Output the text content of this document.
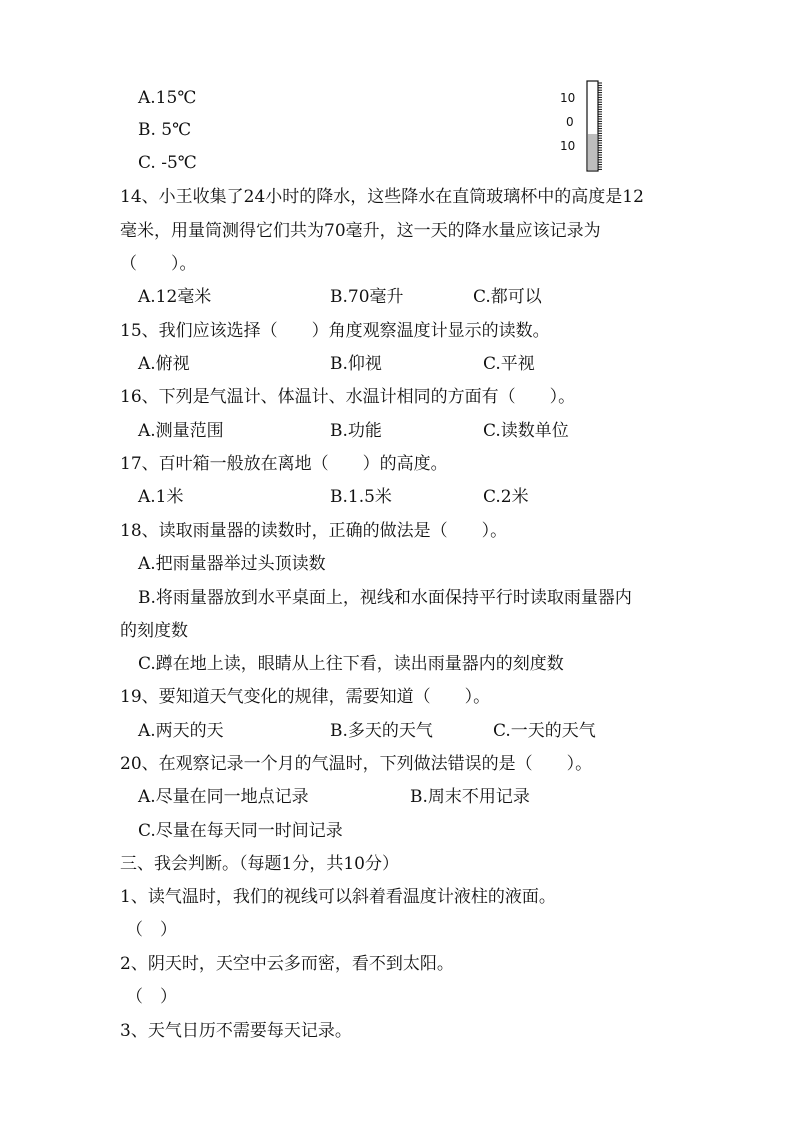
A.15℃
B. 5℃
C. -5℃
10
0
10
14、小王收集了24小时的降水，这些降水在直筒玻璃杯中的高度是12
毫米，用量筒测得它们共为70毫升，这一天的降水量应该记录为
（　　）。
A.12毫米	B.70毫升	C.都可以
15、我们应该选择（　　）角度观察温度计显示的读数。
A.俯视	B.仰视	C.平视
16、下列是气温计、体温计、水温计相同的方面有（　　）。
A.测量范围	B.功能	C.读数单位
17、百叶箱一般放在离地（　　）的高度。
A.1米	B.1.5米	C.2米
18、读取雨量器的读数时，正确的做法是（　　）。
A.把雨量器举过头顶读数
B.将雨量器放到水平桌面上，视线和水面保持平行时读取雨量器内
的刻度数
C.蹲在地上读，眼睛从上往下看，读出雨量器内的刻度数
19、要知道天气变化的规律，需要知道（　　）。
A.两天的天	B.多天的天气	C.一天的天气
20、在观察记录一个月的气温时，下列做法错误的是（　　）。
A.尽量在同一地点记录	B.周末不用记录
C.尽量在每天同一时间记录
三、我会判断。（每题1分，共10分）
1、读气温时，我们的视线可以斜着看温度计液柱的液面。
（　）
2、阴天时，天空中云多而密，看不到太阳。
（　）
3、天气日历不需要每天记录。
